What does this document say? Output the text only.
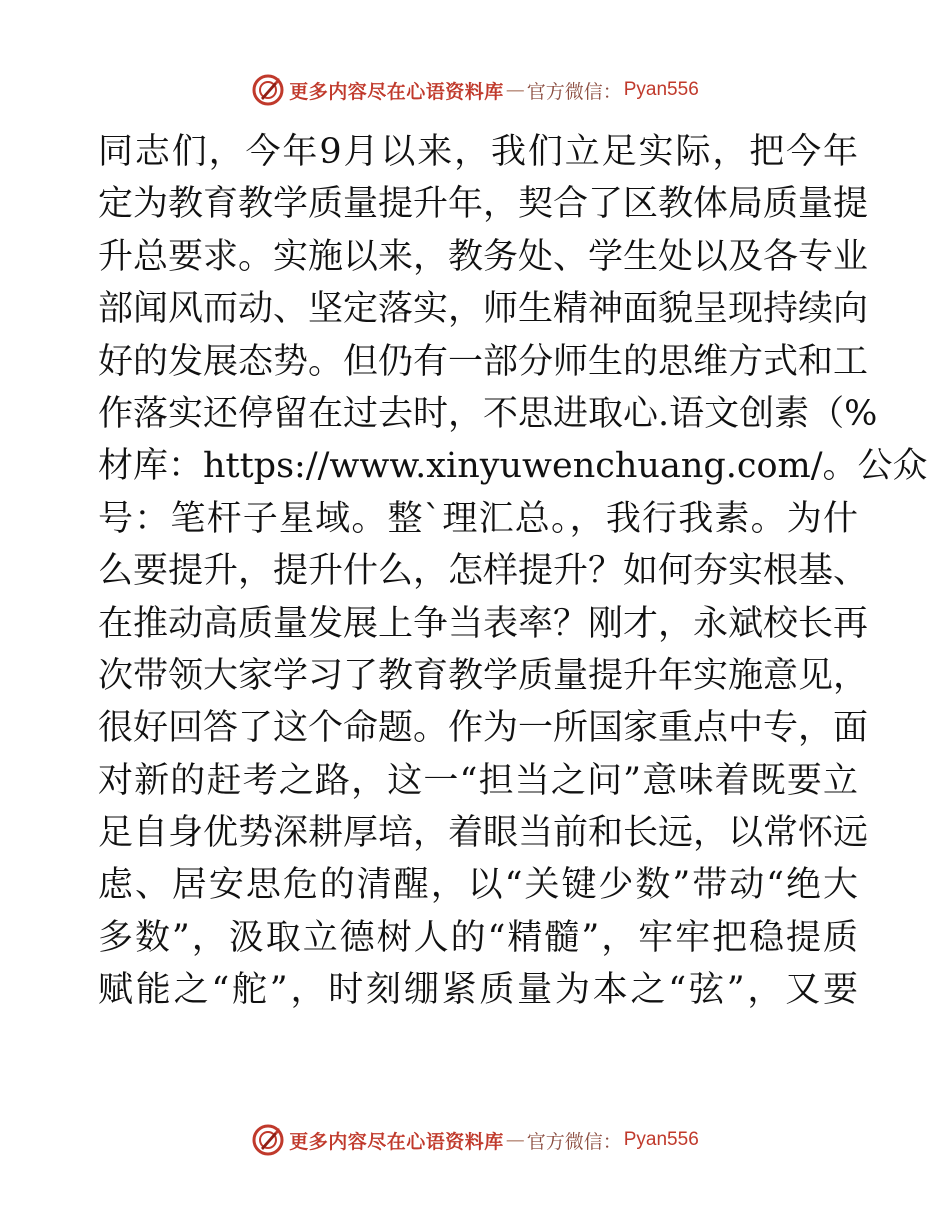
更多内容尽在心语资料库 — 官方微信： Pyan556
同志们，今年9月以来，我们立足实际，把今年
定为教育教学质量提升年，契合了区教体局质量提
升总要求。实施以来，教务处、学生处以及各专业
部闻风而动、坚定落实，师生精神面貌呈现持续向
好的发展态势。但仍有一部分师生的思维方式和工
作落实还停留在过去时，不思进取心.语文创素（%
材库：https://www.xinyuwenchuang.com/。公众
号：笔杆子星域。整`理汇总。，我行我素。为什
么要提升，提升什么，怎样提升？如何夯实根基、
在推动高质量发展上争当表率？刚才，永斌校长再
次带领大家学习了教育教学质量提升年实施意见，
很好回答了这个命题。作为一所国家重点中专，面
对新的赶考之路，这一“担当之问”意味着既要立
足自身优势深耕厚培，着眼当前和长远，以常怀远
虑、居安思危的清醒，以“关键少数”带动“绝大
多数”，汲取立德树人的“精髓”，牢牢把稳提质
赋能之“舵”，时刻绷紧质量为本之“弦”，又要
更多内容尽在心语资料库 — 官方微信： Pyan556
